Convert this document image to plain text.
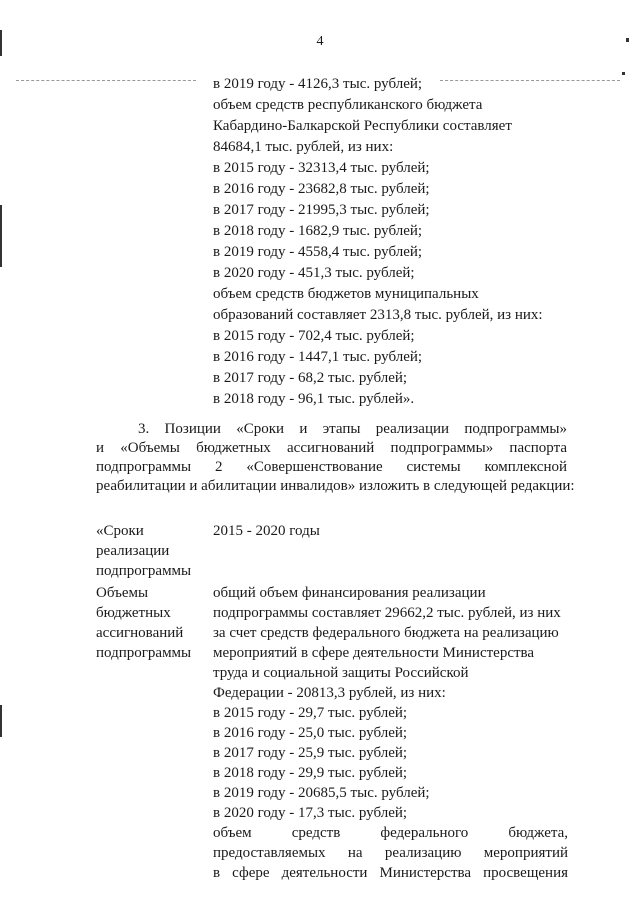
4
в 2019 году - 4126,3 тыс. рублей;
объем средств республиканского бюджета
Кабардино-Балкарской Республики составляет
84684,1 тыс. рублей, из них:
в 2015 году - 32313,4 тыс. рублей;
в 2016 году - 23682,8 тыс. рублей;
в 2017 году - 21995,3 тыс. рублей;
в 2018 году - 1682,9 тыс. рублей;
в 2019 году - 4558,4 тыс. рублей;
в 2020 году - 451,3 тыс. рублей;
объем средств бюджетов муниципальных
образований составляет 2313,8 тыс. рублей, из них:
в 2015 году - 702,4 тыс. рублей;
в 2016 году - 1447,1 тыс. рублей;
в 2017 году - 68,2 тыс. рублей;
в 2018 году - 96,1 тыс. рублей».
3. Позиции «Сроки и этапы реализации подпрограммы»
и «Объемы бюджетных ассигнований подпрограммы» паспорта
подпрограммы 2 «Совершенствование системы комплексной
реабилитации и абилитации инвалидов» изложить в следующей редакции:
«Сроки
реализации
подпрограммы
2015 - 2020 годы
Объемы
бюджетных
ассигнований
подпрограммы
общий объем финансирования реализации
подпрограммы составляет 29662,2 тыс. рублей, из них
за счет средств федерального бюджета на реализацию
мероприятий в сфере деятельности Министерства
труда и социальной защиты Российской
Федерации - 20813,3 рублей, из них:
в 2015 году - 29,7 тыс. рублей;
в 2016 году - 25,0 тыс. рублей;
в 2017 году - 25,9 тыс. рублей;
в 2018 году - 29,9 тыс. рублей;
в 2019 году - 20685,5 тыс. рублей;
в 2020 году - 17,3 тыс. рублей;
объем средств федерального бюджета,
предоставляемых на реализацию мероприятий
в сфере деятельности Министерства просвещения
